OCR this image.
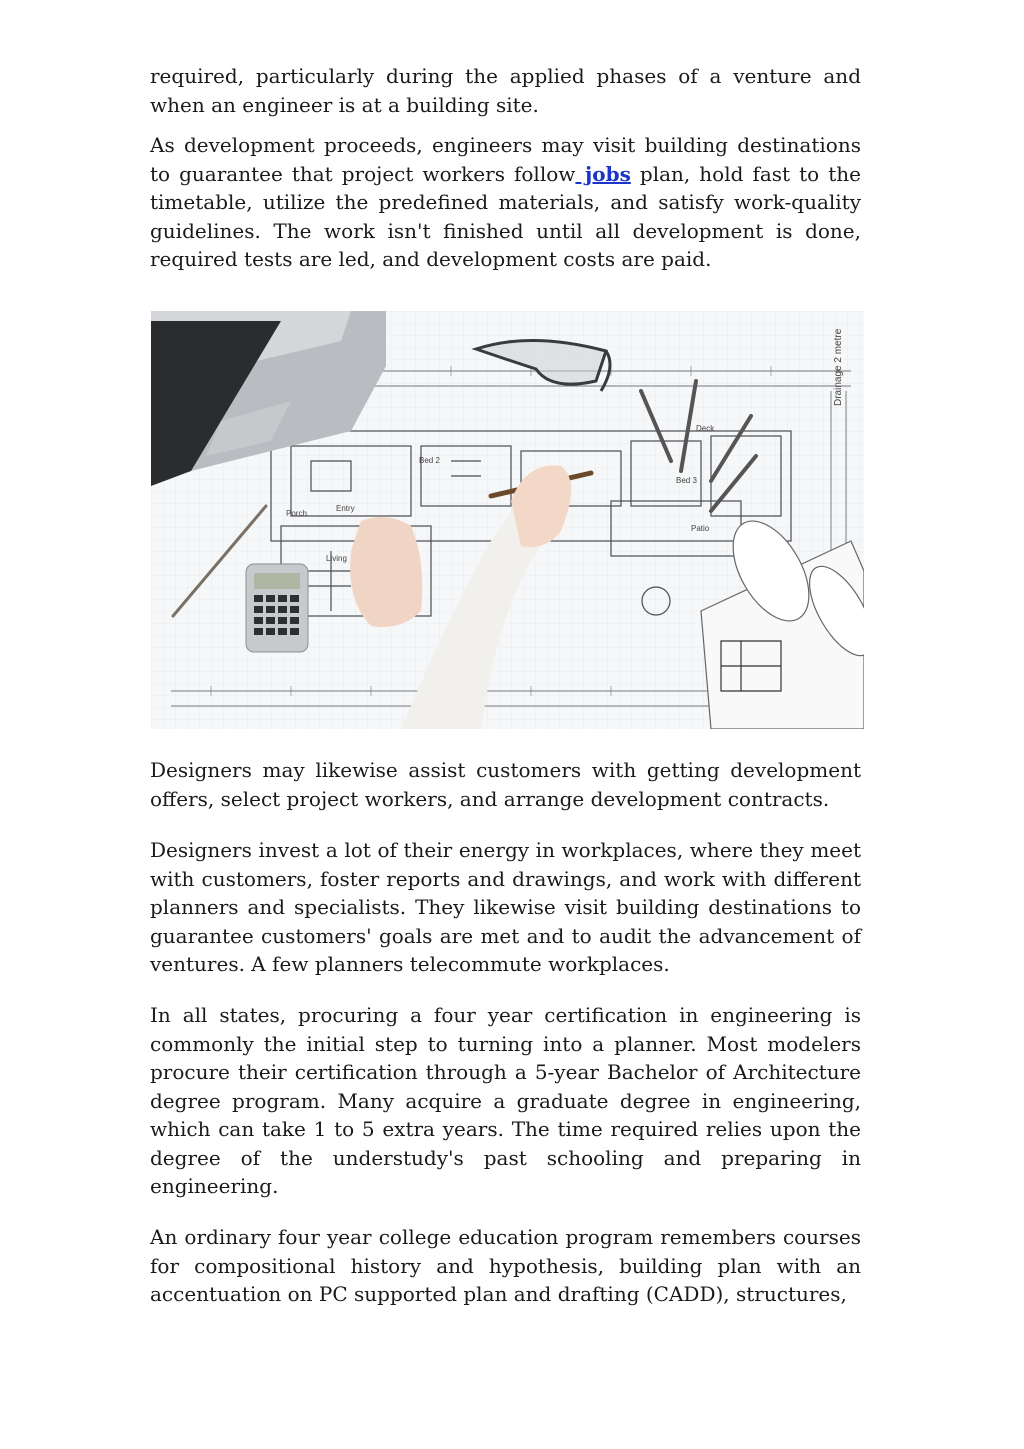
required, particularly during the applied phases of a venture and when an engineer is at a building site.

As development proceeds, engineers may visit building destinations to guarantee that project workers follow jobs plan, hold fast to the timetable, utilize the predefined materials, and satisfy work-quality guidelines. The work isn't finished until all development is done, required tests are led, and development costs are paid.

Living
Entry
Porch
Bed 2
Bed 3
Deck
Patio
Drainage 2 metre

Designers may likewise assist customers with getting development offers, select project workers, and arrange development contracts.

Designers invest a lot of their energy in workplaces, where they meet with customers, foster reports and drawings, and work with different planners and specialists. They likewise visit building destinations to guarantee customers' goals are met and to audit the advancement of ventures. A few planners telecommute workplaces.

In all states, procuring a four year certification in engineering is commonly the initial step to turning into a planner. Most modelers procure their certification through a 5-year Bachelor of Architecture degree program. Many acquire a graduate degree in engineering, which can take 1 to 5 extra years. The time required relies upon the degree of the understudy's past schooling and preparing in engineering.

An ordinary four year college education program remembers courses for compositional history and hypothesis, building plan with an accentuation on PC supported plan and drafting (CADD), structures,
